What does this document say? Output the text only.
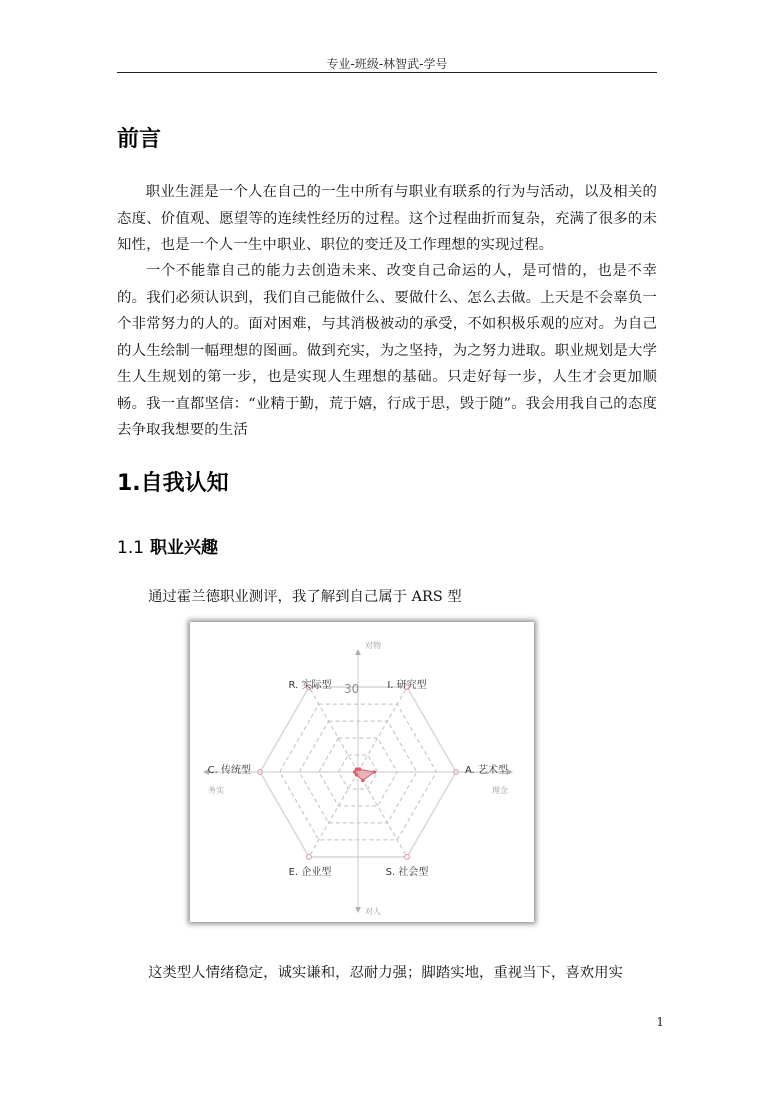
专业-班级-林智武-学号
前言

职业生涯是一个人在自己的一生中所有与职业有联系的行为与活动，以及相关的态度、价值观、愿望等的连续性经历的过程。这个过程曲折而复杂，充满了很多的未知性，也是一个人一生中职业、职位的变迁及工作理想的实现过程。

一个不能靠自己的能力去创造未来、改变自己命运的人，是可惜的，也是不幸的。我们必须认识到，我们自己能做什么、要做什么、怎么去做。上天是不会辜负一个非常努力的人的。面对困难，与其消极被动的承受，不如积极乐观的应对。为自己的人生绘制一幅理想的图画。做到充实，为之坚持，为之努力进取。职业规划是大学生人生规划的第一步，也是实现人生理想的基础。只走好每一步，人生才会更加顺畅。我一直都坚信：“业精于勤，荒于嬉，行成于思，毁于随”。我会用我自己的态度去争取我想要的生活

1.自我认知
1.1 职业兴趣

通过霍兰德职业测评，我了解到自己属于 ARS 型

30
对物
对人
务实	理念
R. 实际型	I. 研究型
A. 艺术型
S. 社会型
E. 企业型
C. 传统型

这类型人情绪稳定，诚实谦和，忍耐力强；脚踏实地，重视当下，喜欢用实

1
